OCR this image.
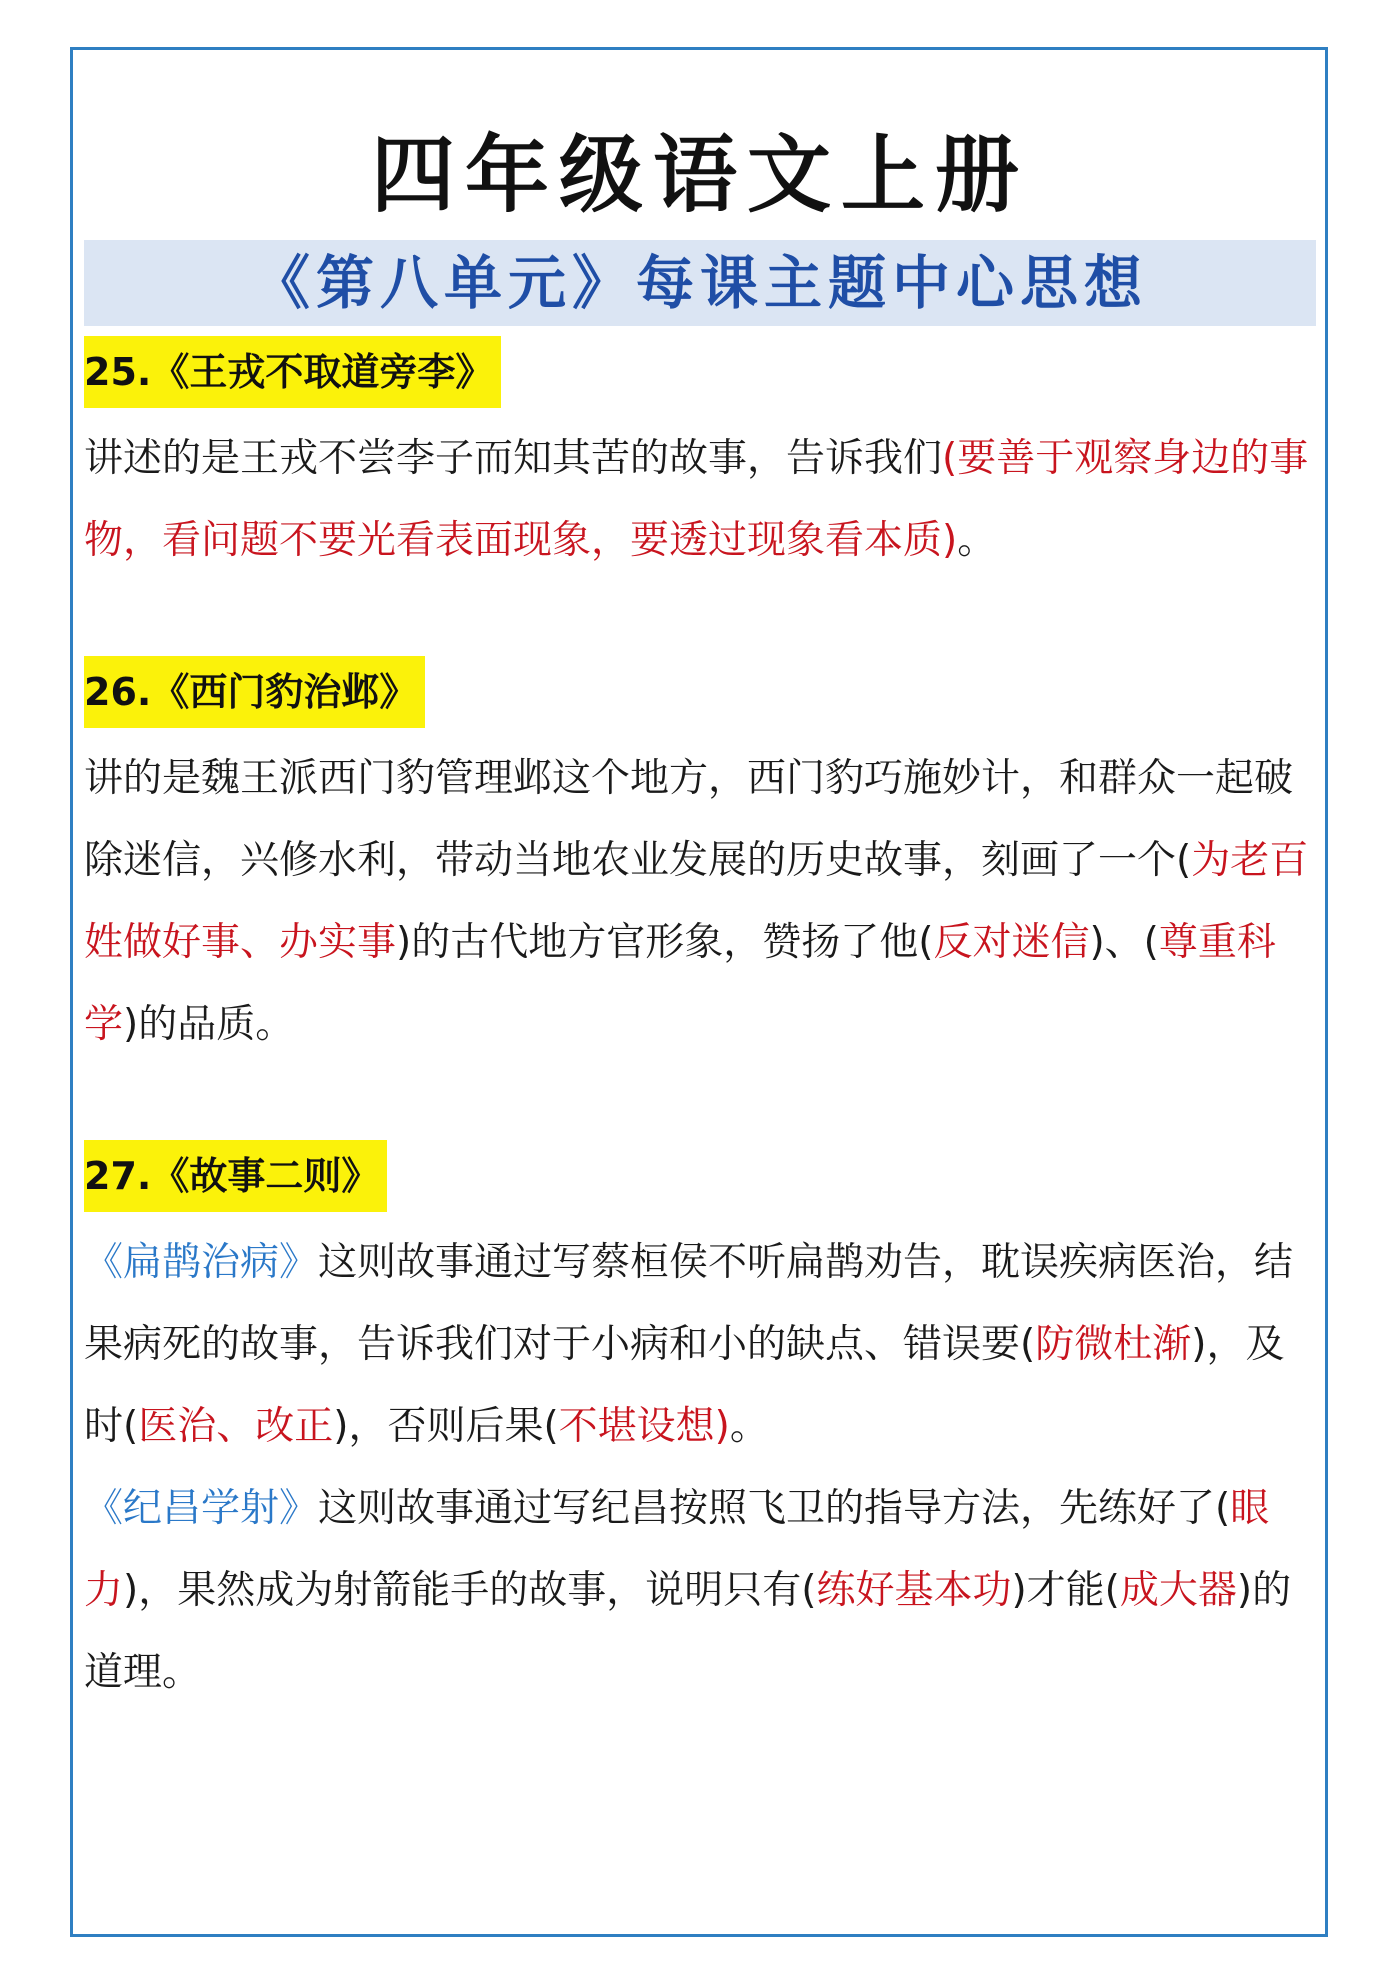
四年级语文上册
《第八单元》每课主题中心思想
25.《王戎不取道旁李》

讲述的是王戎不尝李子而知其苦的故事，告诉我们(要善于观察身边的事物，看问题不要光看表面现象，要透过现象看本质)。

26.《西门豹治邺》

讲的是魏王派西门豹管理邺这个地方，西门豹巧施妙计，和群众一起破除迷信，兴修水利，带动当地农业发展的历史故事，刻画了一个(为老百姓做好事、办实事)的古代地方官形象，赞扬了他(反对迷信)、(尊重科学)的品质。

27.《故事二则》

《扁鹊治病》这则故事通过写蔡桓侯不听扁鹊劝告，耽误疾病医治，结果病死的故事，告诉我们对于小病和小的缺点、错误要(防微杜渐)，及时(医治、改正)，否则后果(不堪设想)。

《纪昌学射》这则故事通过写纪昌按照飞卫的指导方法，先练好了(眼力)，果然成为射箭能手的故事，说明只有(练好基本功)才能(成大器)的道理。
